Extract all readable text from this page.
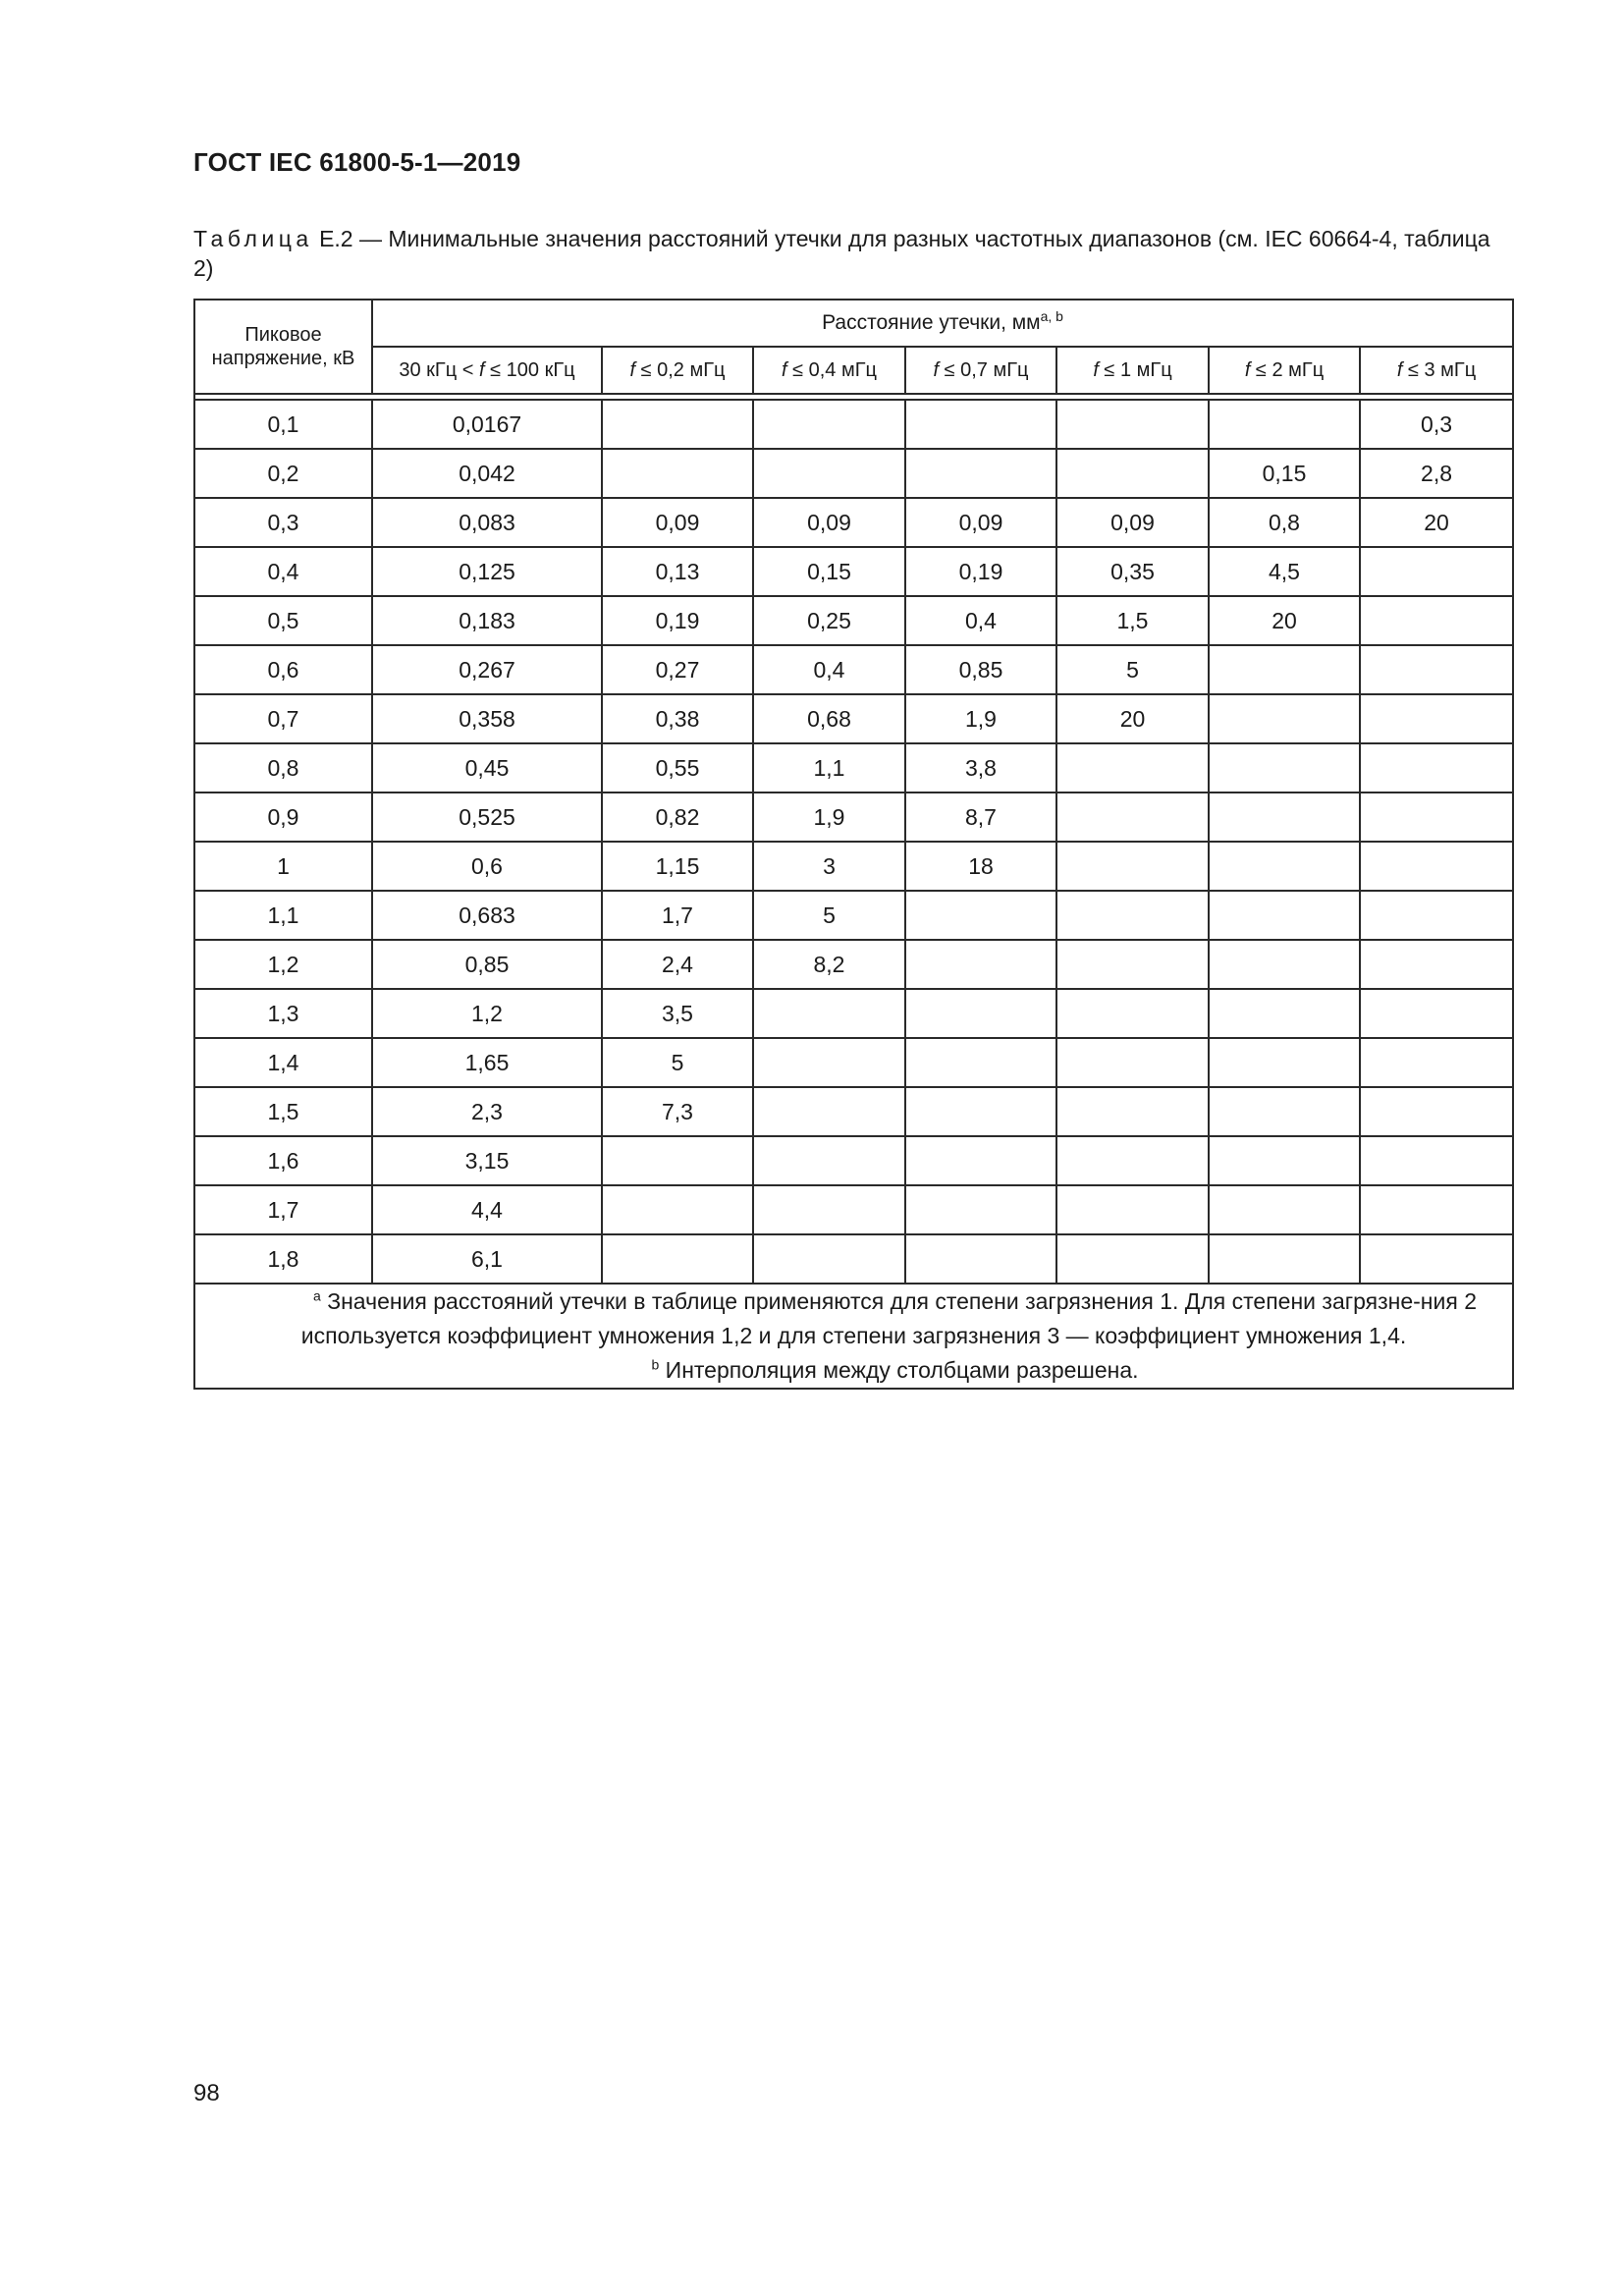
ГОСТ IEC 61800-5-1—2019
Таблица Е.2 — Минимальные значения расстояний утечки для разных частотных диапазонов (см. IEC 60664-4, таблица 2)
Пиковое напряжение, кВ	Расстояние утечки, мм$^{a, b}$
	30 кГц < f ≤ 100 кГц	f ≤ 0,2 мГц	f ≤ 0,4 мГц	f ≤ 0,7 мГц	f ≤ 1 мГц	f ≤ 2 мГц	f ≤ 3 мГц

0,1	0,0167						0,3
0,2	0,042					0,15	2,8
0,3	0,083	0,09	0,09	0,09	0,09	0,8	20
0,4	0,125	0,13	0,15	0,19	0,35	4,5	
0,5	0,183	0,19	0,25	0,4	1,5	20	
0,6	0,267	0,27	0,4	0,85	5		
0,7	0,358	0,38	0,68	1,9	20		
0,8	0,45	0,55	1,1	3,8			
0,9	0,525	0,82	1,9	8,7			
1	0,6	1,15	3	18			
1,1	0,683	1,7	5				
1,2	0,85	2,4	8,2				
1,3	1,2	3,5					
1,4	1,65	5					
1,5	2,3	7,3					
1,6	3,15						
1,7	4,4						
1,8	6,1						

$^a$ Значения расстояний утечки в таблице применяются для степени загрязнения 1. Для степени загрязне-ния 2 используется коэффициент умножения 1,2 и для степени загрязнения 3 — коэффициент умножения 1,4.
$^b$ Интерполяция между столбцами разрешена.							
98
